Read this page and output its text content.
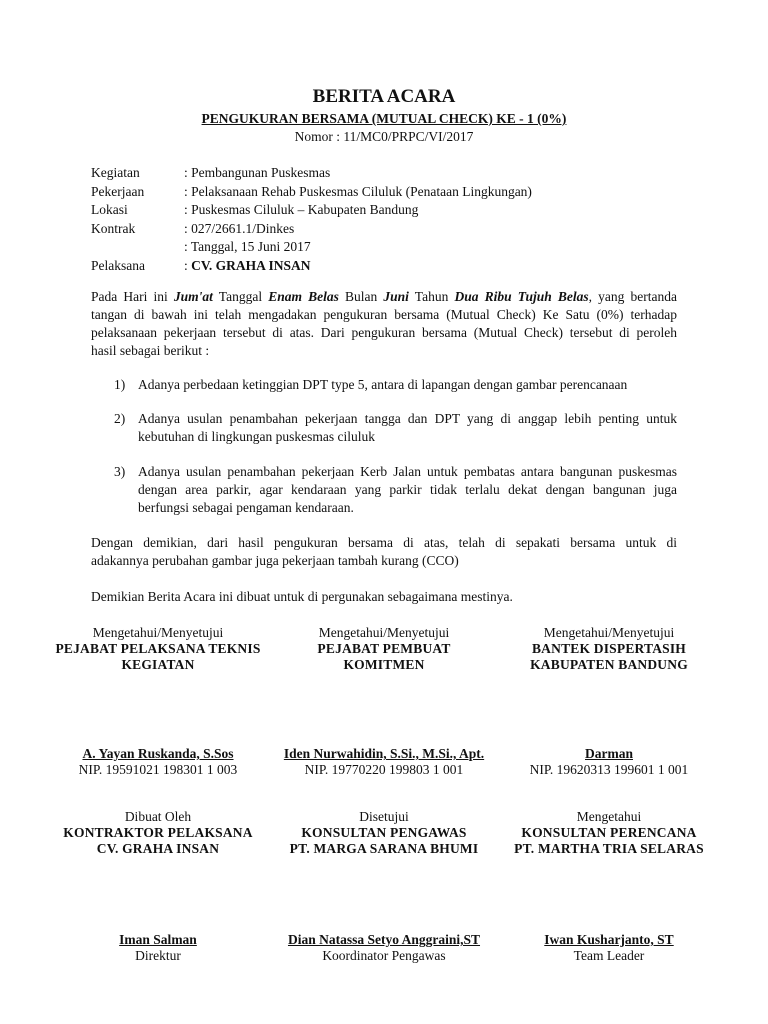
BERITA ACARA
PENGUKURAN BERSAMA (MUTUAL CHECK) KE - 1 (0%)
Nomor : 11/MC0/PRPC/VI/2017
Kegiatan	: Pembangunan Puskesmas
Pekerjaan	: Pelaksanaan Rehab Puskesmas Ciluluk (Penataan Lingkungan)
Lokasi	: Puskesmas Ciluluk – Kabupaten Bandung
Kontrak	: 027/2661.1/Dinkes
: Tanggal, 15 Juni 2017
Pelaksana	: CV. GRAHA INSAN
Pada Hari ini Jum'at Tanggal Enam Belas Bulan Juni Tahun Dua Ribu Tujuh Belas, yang bertanda
tangan di bawah ini telah mengadakan pengukuran bersama (Mutual Check) Ke Satu (0%) terhadap
pelaksanaan pekerjaan tersebut di atas. Dari pengukuran bersama (Mutual Check) tersebut di peroleh
hasil sebagai berikut :
1) Adanya perbedaan ketinggian DPT type 5, antara di lapangan dengan gambar perencanaan
2) Adanya usulan penambahan pekerjaan tangga dan DPT yang di anggap lebih penting untuk
kebutuhan di lingkungan puskesmas ciluluk
3) Adanya usulan penambahan pekerjaan Kerb Jalan untuk pembatas antara bangunan puskesmas
dengan area parkir, agar kendaraan yang parkir tidak terlalu dekat dengan bangunan juga
berfungsi sebagai pengaman kendaraan.
Dengan demikian, dari hasil pengukuran bersama di atas, telah di sepakati bersama untuk di
adakannya perubahan gambar juga pekerjaan tambah kurang (CCO)
Demikian Berita Acara ini dibuat untuk di pergunakan sebagaimana mestinya.
Mengetahui/Menyetujui
PEJABAT PELAKSANA TEKNIS
KEGIATAN
Mengetahui/Menyetujui
PEJABAT PEMBUAT
KOMITMEN
Mengetahui/Menyetujui
BANTEK DISPERTASIH
KABUPATEN BANDUNG
A. Yayan Ruskanda, S.Sos
NIP. 19591021 198301 1 003
Iden Nurwahidin, S.Si., M.Si., Apt.
NIP. 19770220 199803 1 001
Darman
NIP. 19620313 199601 1 001
Dibuat Oleh
KONTRAKTOR PELAKSANA
CV. GRAHA INSAN
Disetujui
KONSULTAN PENGAWAS
PT. MARGA SARANA BHUMI
Mengetahui
KONSULTAN PERENCANA
PT. MARTHA TRIA SELARAS
Iman Salman
Direktur
Dian Natassa Setyo Anggraini,ST
Koordinator Pengawas
Iwan Kusharjanto, ST
Team Leader
